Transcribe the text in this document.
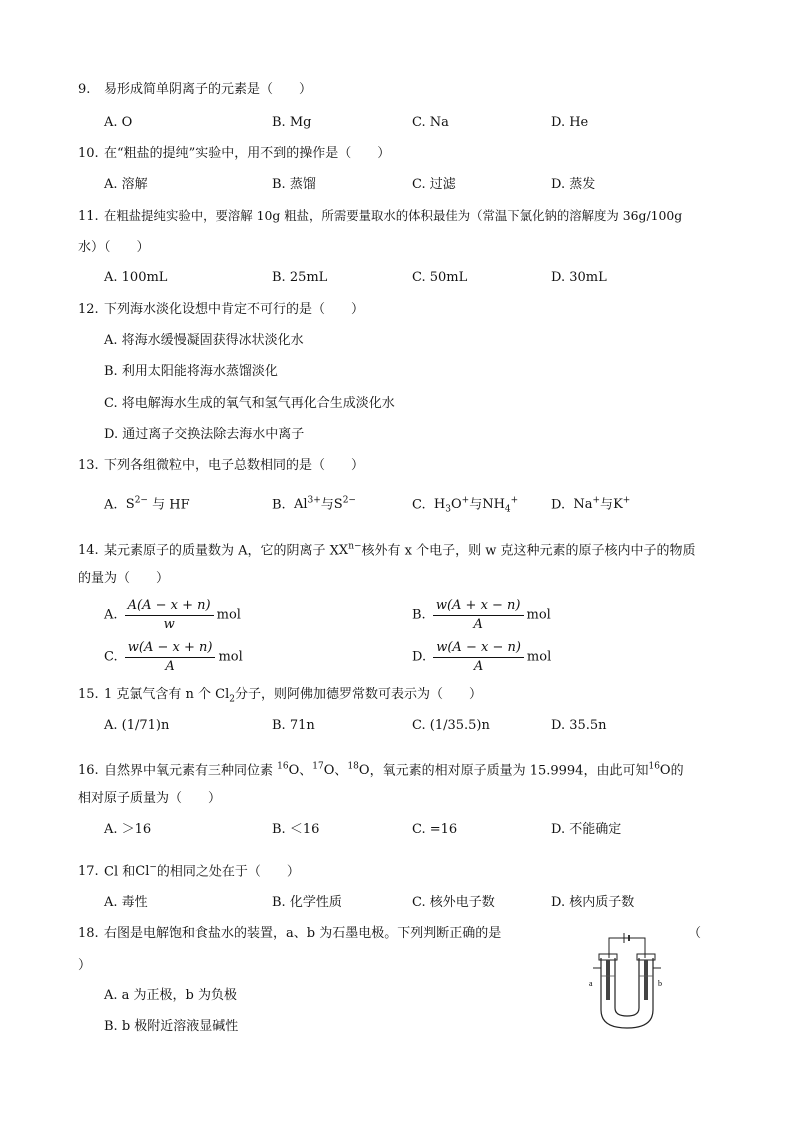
9. 易形成简单阴离子的元素是（　　）
A. O	B. Mg	C. Na	D. He
10. 在“粗盐的提纯”实验中，用不到的操作是（　　）
A. 溶解	B. 蒸馏	C. 过滤	D. 蒸发
11. 在粗盐提纯实验中，要溶解 10g 粗盐，所需要量取水的体积最佳为（常温下氯化钠的溶解度为 36g/100g
水）（　　）
A. 100mL	B. 25mL	C. 50mL	D. 30mL
12. 下列海水淡化设想中肯定不可行的是（　　）
A. 将海水缓慢凝固获得冰状淡化水
B. 利用太阳能将海水蒸馏淡化
C. 将电解海水生成的氧气和氢气再化合生成淡化水
D. 通过离子交换法除去海水中离子
13. 下列各组微粒中，电子总数相同的是（　　）
A. $S^{2-}$ 与 HF	B. $Al^{3+}$与$S^{2-}$	C. $H_3O^+$与$NH_4^+$	D. Na+与K+
14. 某元素原子的质量数为 A，它的阴离子 $XX^{n-}$核外有 x 个电子，则 w 克这种元素的原子核内中子的物质
的量为（　　）
A. $\frac{A(A - x + n)}{w}$ mol	B. $\frac{w(A + x - n)}{A}$ mol
C. $\frac{w(A - x + n)}{A}$ mol	D. $\frac{w(A - x - n)}{A}$ mol
15. 1 克氯气含有 n 个 $Cl_2$分子，则阿佛加德罗常数可表示为（　　）
A. (1/71)n	B. 71n	C. (1/35.5)n	D. 35.5n
16. 自然界中氧元素有三种同位素 $^{16}$O、$^{17}$O、$^{18}$O，氧元素的相对原子质量为 15.9994，由此可知$^{16}$O的
相对原子质量为（　　）
A. ＞16	B. ＜16	C. =16	D. 不能确定
17. Cl 和Cl−的相同之处在于（　　）
A. 毒性	B. 化学性质	C. 核外电子数	D. 核内质子数
18. 右图是电解饱和食盐水的装置，a、b 为石墨电极。下列判断正确的是	（
）
A. a 为正极，b 为负极
B. b 极附近溶液显碱性
a	b
